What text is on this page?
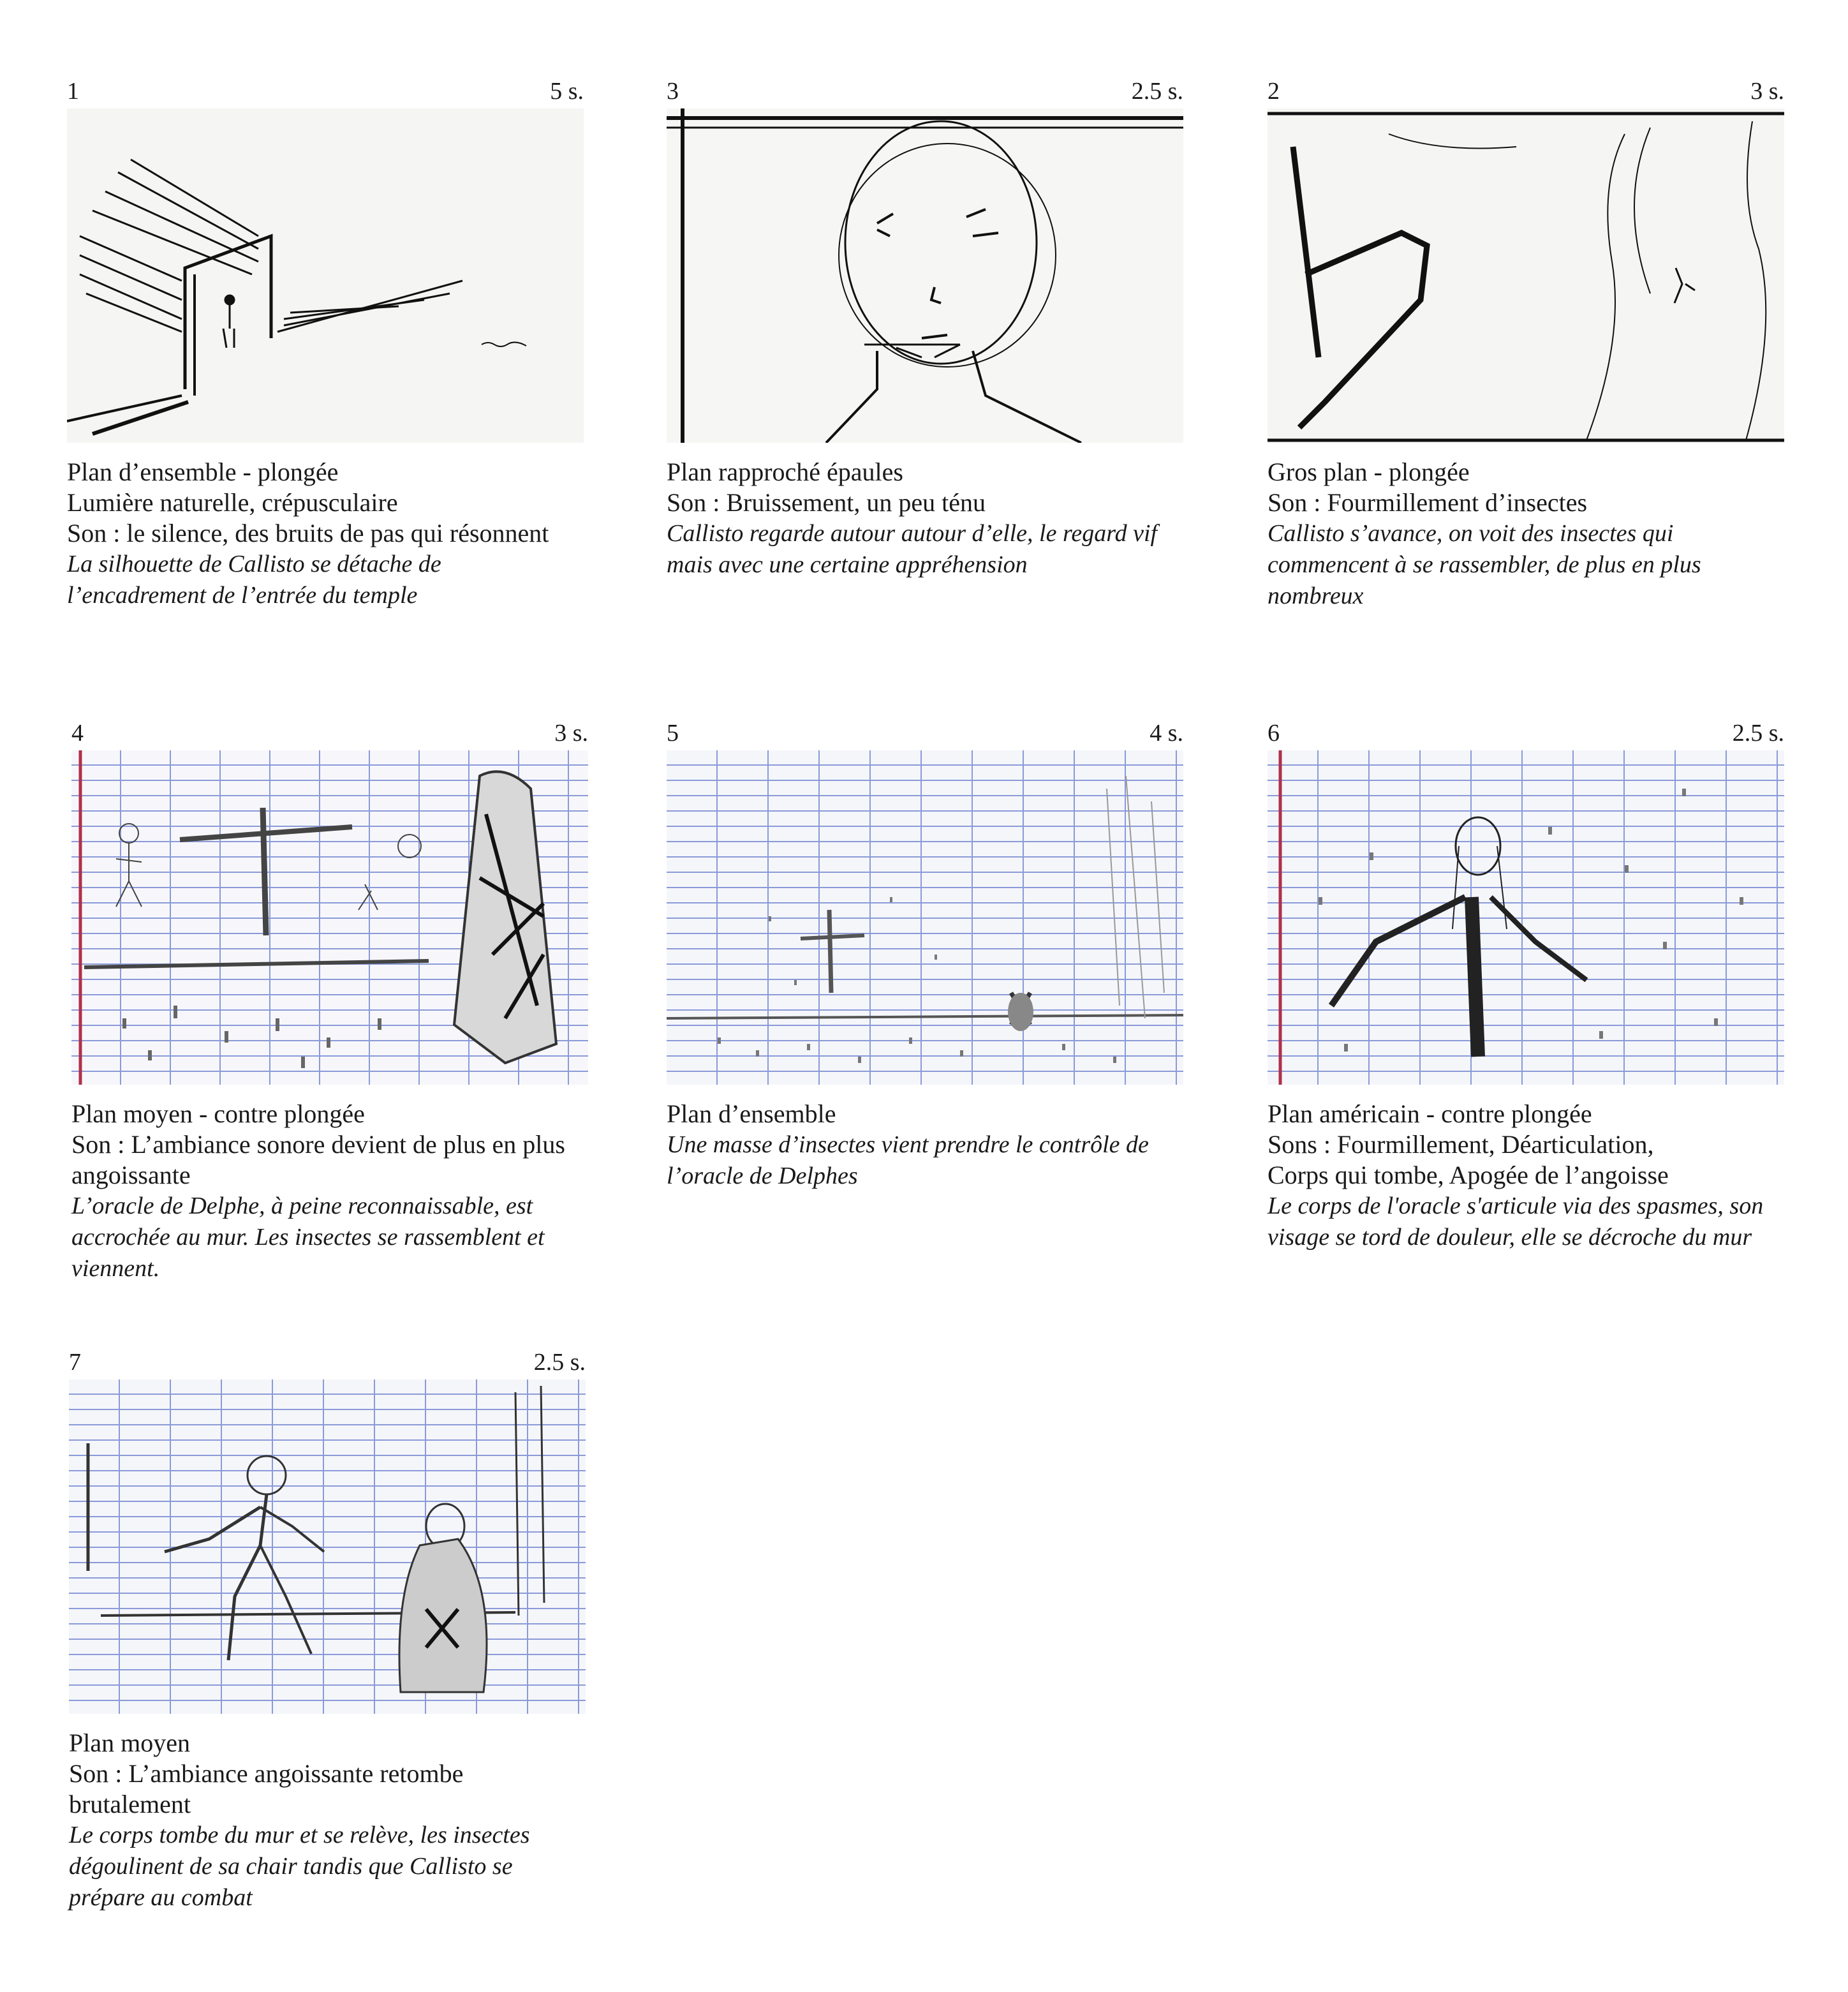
1	5 s.
Plan d’ensemble - plongée
Lumière naturelle, crépusculaire
Son : le silence, des bruits de pas qui résonnent
La silhouette de Callisto se détache de l’encadrement de l’entrée du temple
3	2.5 s.
Plan rapproché épaules
Son : Bruissement, un peu ténu
Callisto regarde autour autour d’elle, le regard vif mais avec une certaine appréhension
2	3 s.
Gros plan - plongée
Son : Fourmillement d’insectes
Callisto s’avance, on voit des insectes qui commencent à se rassembler, de plus en plus nombreux
4	3 s.
Plan moyen - contre plongée
Son : L’ambiance sonore devient de plus en plus angoissante
L’oracle de Delphe, à peine reconnaissable, est accrochée au mur. Les insectes se rassemblent et viennent.
5	4 s.
Plan d’ensemble
Une masse d’insectes vient prendre le contrôle de l’oracle de Delphes
6	2.5 s.
Plan américain - contre plongée
Sons : Fourmillement, Déarticulation,
Corps qui tombe, Apogée de l’angoisse
Le corps de l'oracle s'articule via des spasmes, son visage se tord de douleur, elle se décroche du mur
7	2.5 s.
Plan moyen
Son : L’ambiance angoissante retombe brutalement
Le corps tombe du mur et se relève, les insectes dégoulinent de sa chair tandis que Callisto se prépare au combat
